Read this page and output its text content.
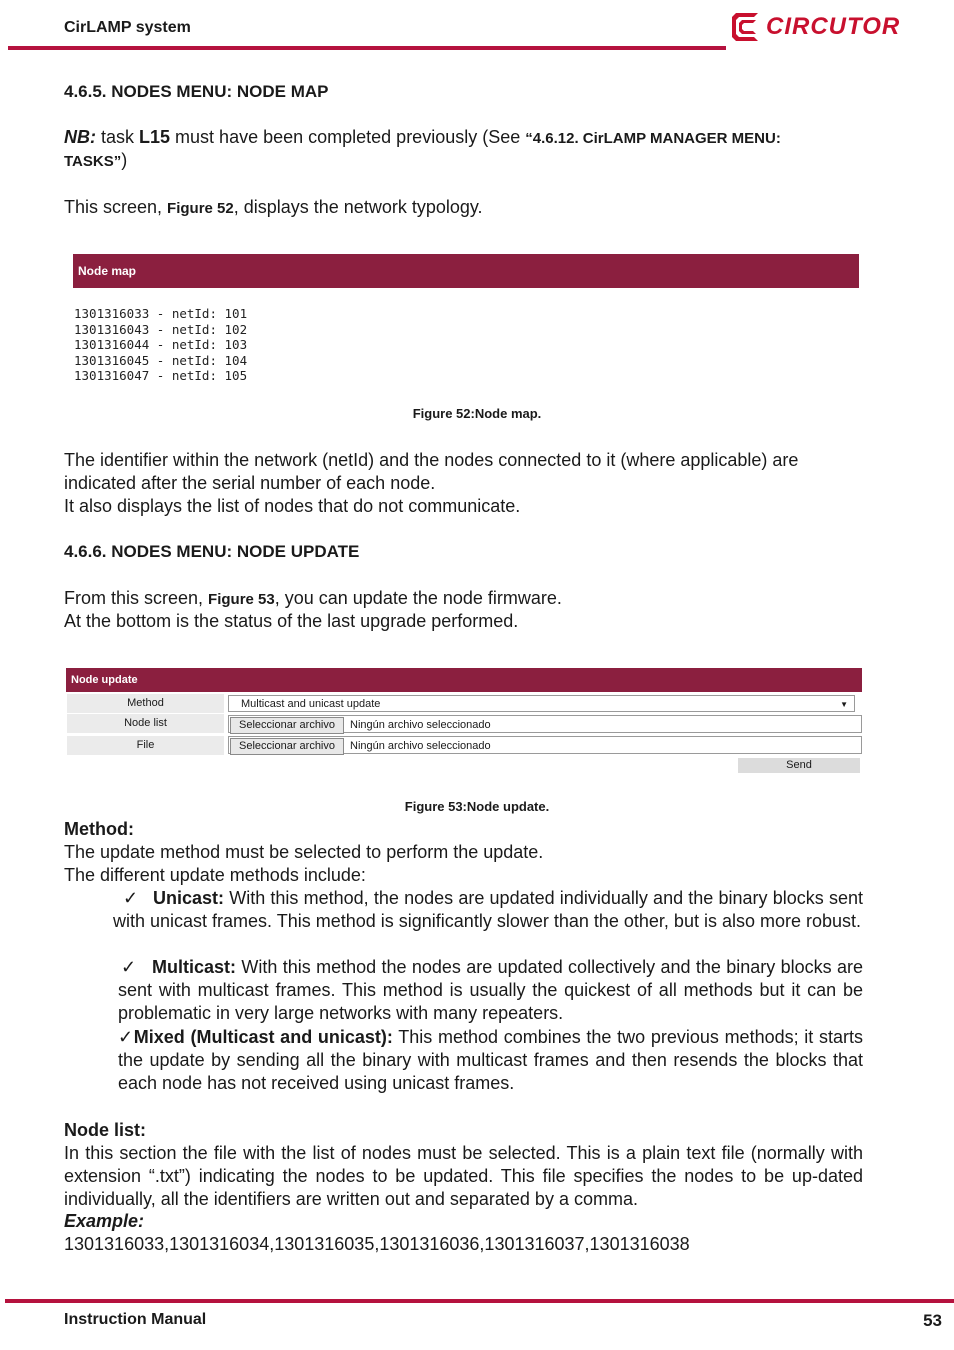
CirLAMP system	CIRCUTOR
4.6.5. NODES MENU: NODE MAP
NB: task L15 must have been completed previously (See “4.6.12. CirLAMP MANAGER MENU:
TASKS”)
This screen, Figure 52, displays the network typology.
Node map
1301316033 - netId: 101
1301316043 - netId: 102
1301316044 - netId: 103
1301316045 - netId: 104
1301316047 - netId: 105
Figure 52:Node map.
The identifier within the network (netId) and the nodes connected to it (where applicable) are
indicated after the serial number of each node.
It also displays the list of nodes that do not communicate.
4.6.6. NODES MENU: NODE UPDATE
From this screen, Figure 53, you can update the node firmware.
At the bottom is the status of the last upgrade performed.
Node update
Method	Multicast and unicast update	▼
Node list	Seleccionar archivo Ningún archivo seleccionado
File	Seleccionar archivo Ningún archivo seleccionado
Send
Figure 53:Node update.
Method:
The update method must be selected to perform the update.
The different update methods include:
✓ Unicast: With this method, the nodes are updated individually and the binary blocks sent with unicast frames. This method is significantly slower than the other, but is also more robust.
✓ Multicast: With this method the nodes are updated collectively and the binary blocks are sent with multicast frames. This method is usually the quickest of all methods but it can be problematic in very large networks with many repeaters.
✓Mixed (Multicast and unicast): This method combines the two previous methods; it starts the update by sending all the binary with multicast frames and then resends the blocks that each node has not received using unicast frames.
Node list:
In this section the file with the list of nodes must be selected. This is a plain text file (normally with extension “.txt”) indicating the nodes to be updated. This file specifies the nodes to be up-dated individually, all the identifiers are written out and separated by a comma.
Example:
1301316033,1301316034,1301316035,1301316036,1301316037,1301316038
Instruction Manual	53
